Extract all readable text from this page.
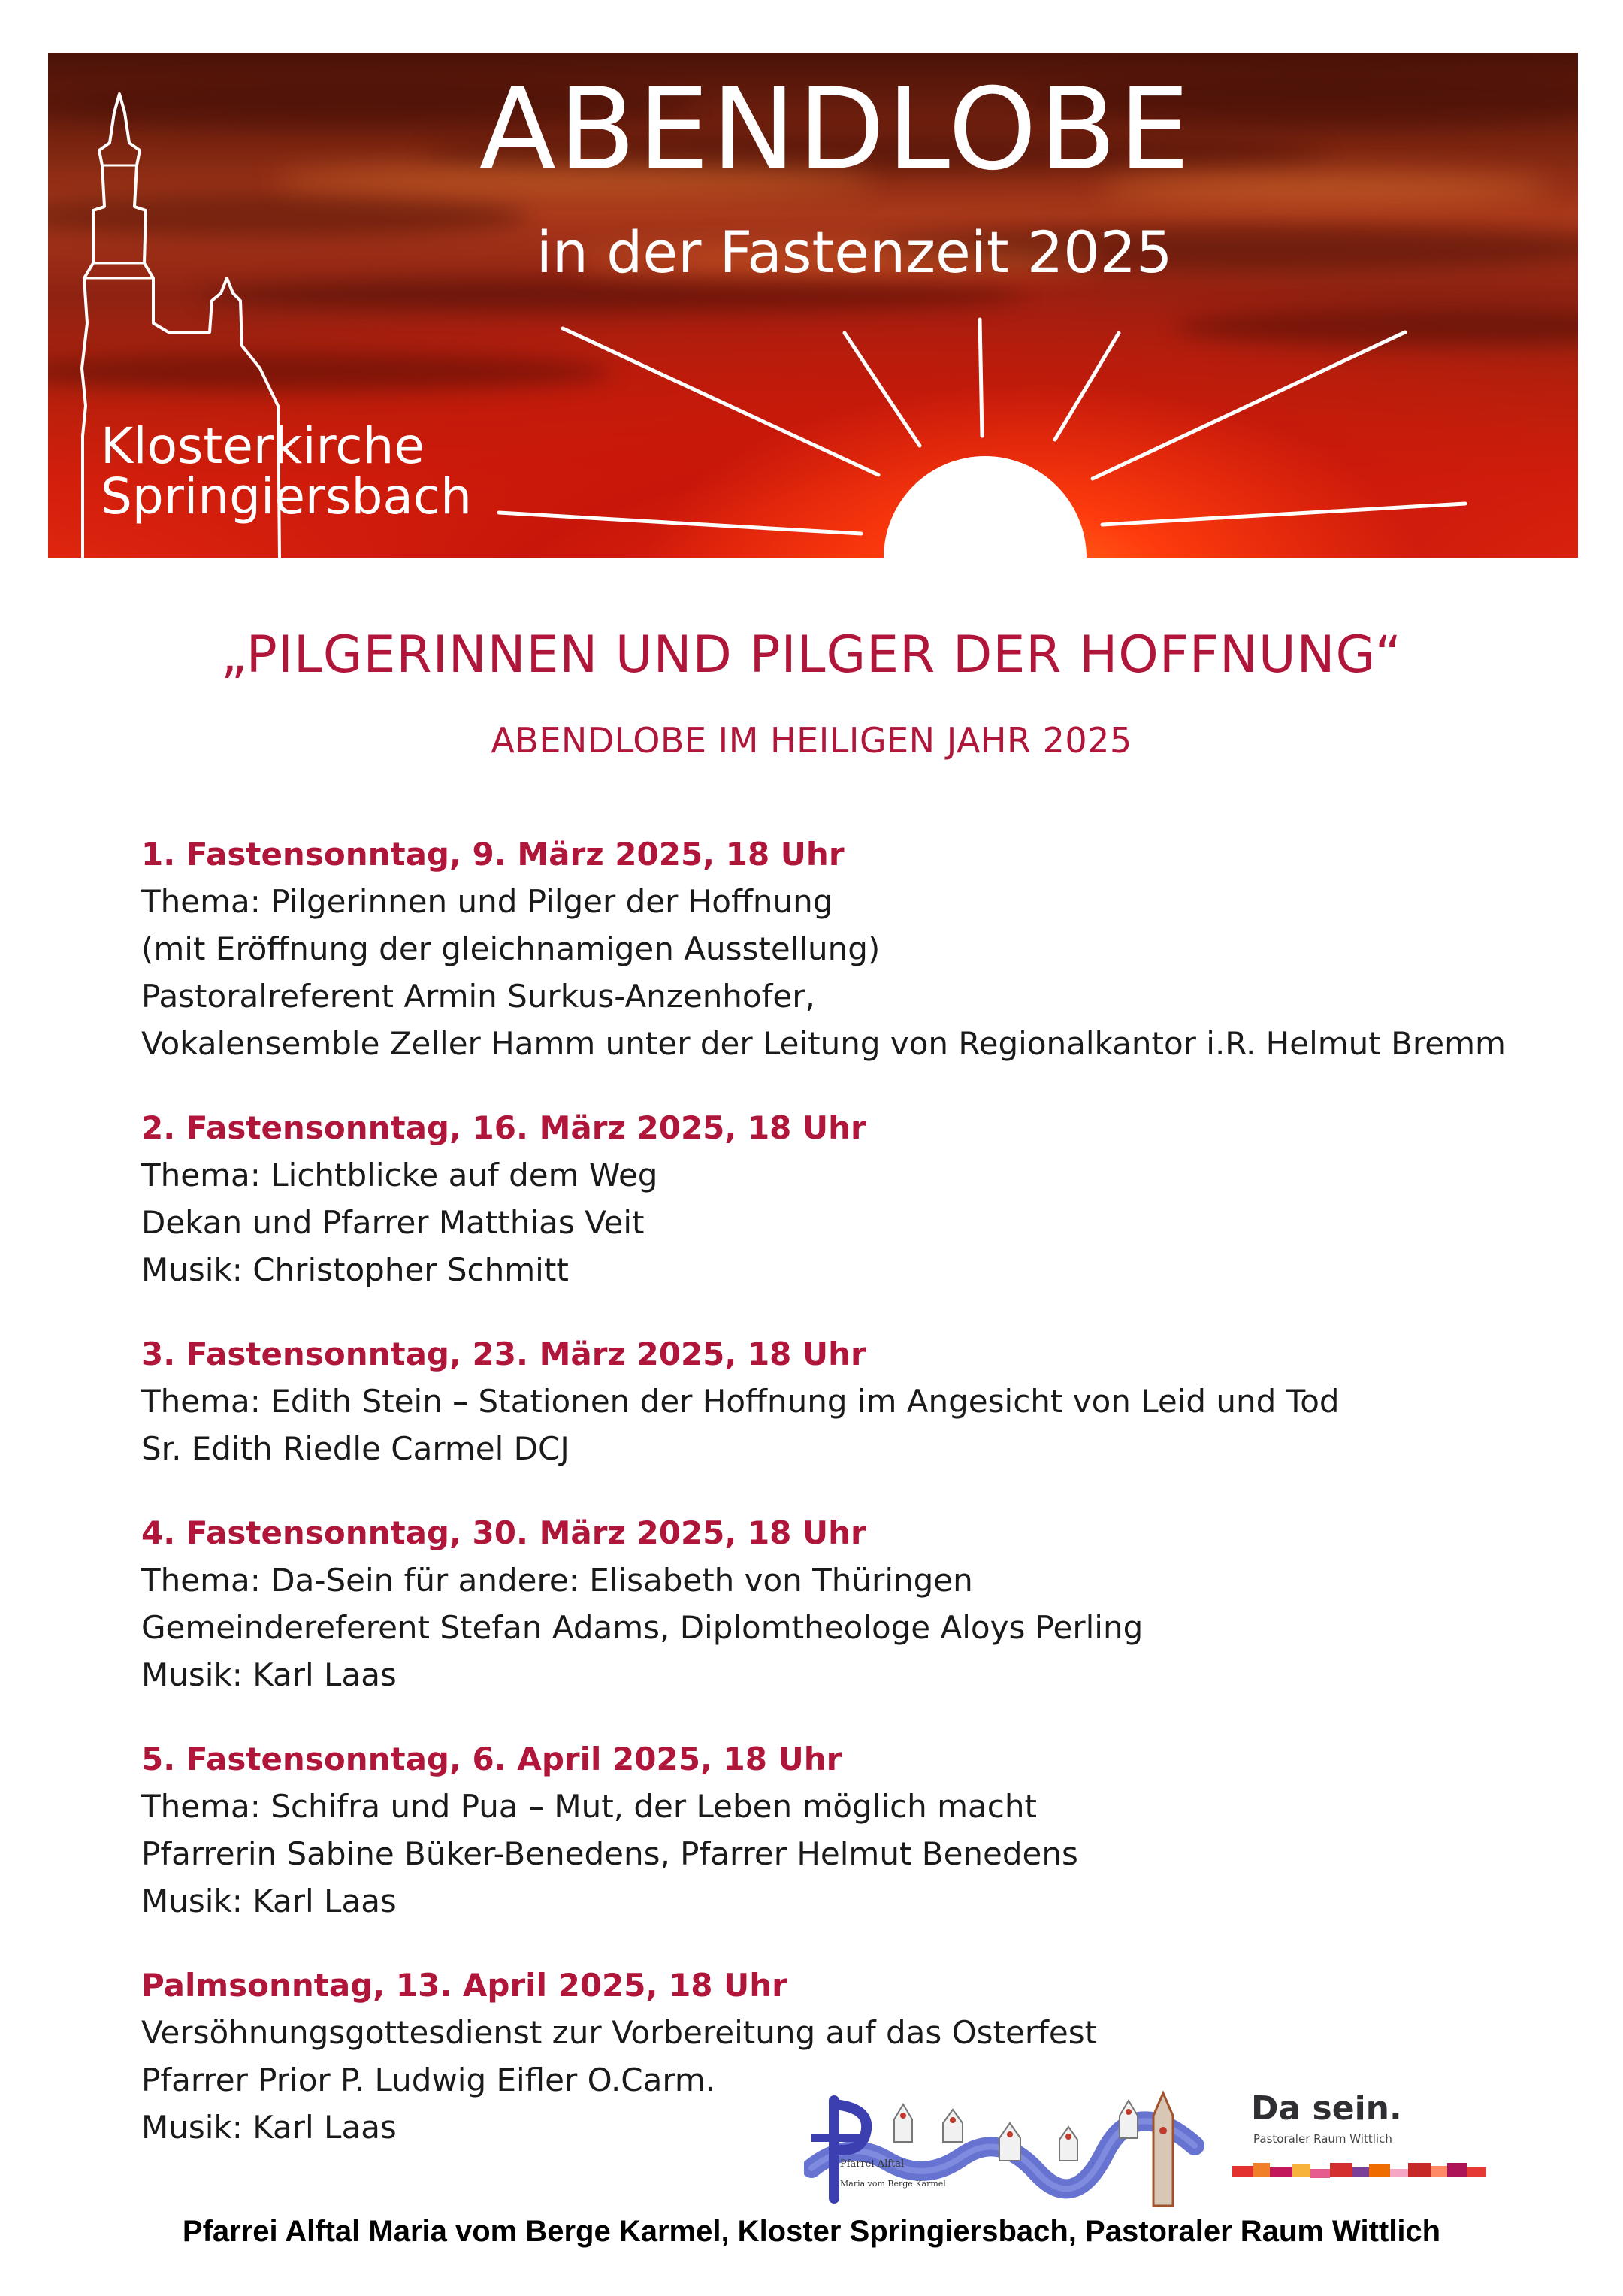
ABENDLOBE
in der Fastenzeit 2025
Klosterkirche
Springiersbach
„PILGERINNEN UND PILGER DER HOFFNUNG“
ABENDLOBE IM HEILIGEN JAHR 2025
1. Fastensonntag, 9. März 2025, 18 Uhr
Thema: Pilgerinnen und Pilger der Hoffnung
(mit Eröffnung der gleichnamigen Ausstellung)
Pastoralreferent Armin Surkus-Anzenhofer,
Vokalensemble Zeller Hamm unter der Leitung von Regionalkantor i.R. Helmut Bremm
2. Fastensonntag, 16. März 2025, 18 Uhr
Thema: Lichtblicke auf dem Weg
Dekan und Pfarrer Matthias Veit
Musik: Christopher Schmitt
3. Fastensonntag, 23. März 2025, 18 Uhr
Thema: Edith Stein – Stationen der Hoffnung im Angesicht von Leid und Tod
Sr. Edith Riedle Carmel DCJ
4. Fastensonntag, 30. März 2025, 18 Uhr
Thema: Da-Sein für andere: Elisabeth von Thüringen
Gemeindereferent Stefan Adams, Diplomtheologe Aloys Perling
Musik: Karl Laas
5. Fastensonntag, 6. April 2025, 18 Uhr
Thema: Schifra und Pua – Mut, der Leben möglich macht
Pfarrerin Sabine Büker-Benedens, Pfarrer Helmut Benedens
Musik: Karl Laas
Palmsonntag, 13. April 2025, 18 Uhr
Versöhnungsgottesdienst zur Vorbereitung auf das Osterfest
Pfarrer Prior P. Ludwig Eifler O.Carm.
Musik: Karl Laas
Pfarrei Alftal
Maria vom Berge Karmel
Da sein.
Pastoraler Raum Wittlich
Pfarrei Alftal Maria vom Berge Karmel, Kloster Springiersbach, Pastoraler Raum Wittlich
